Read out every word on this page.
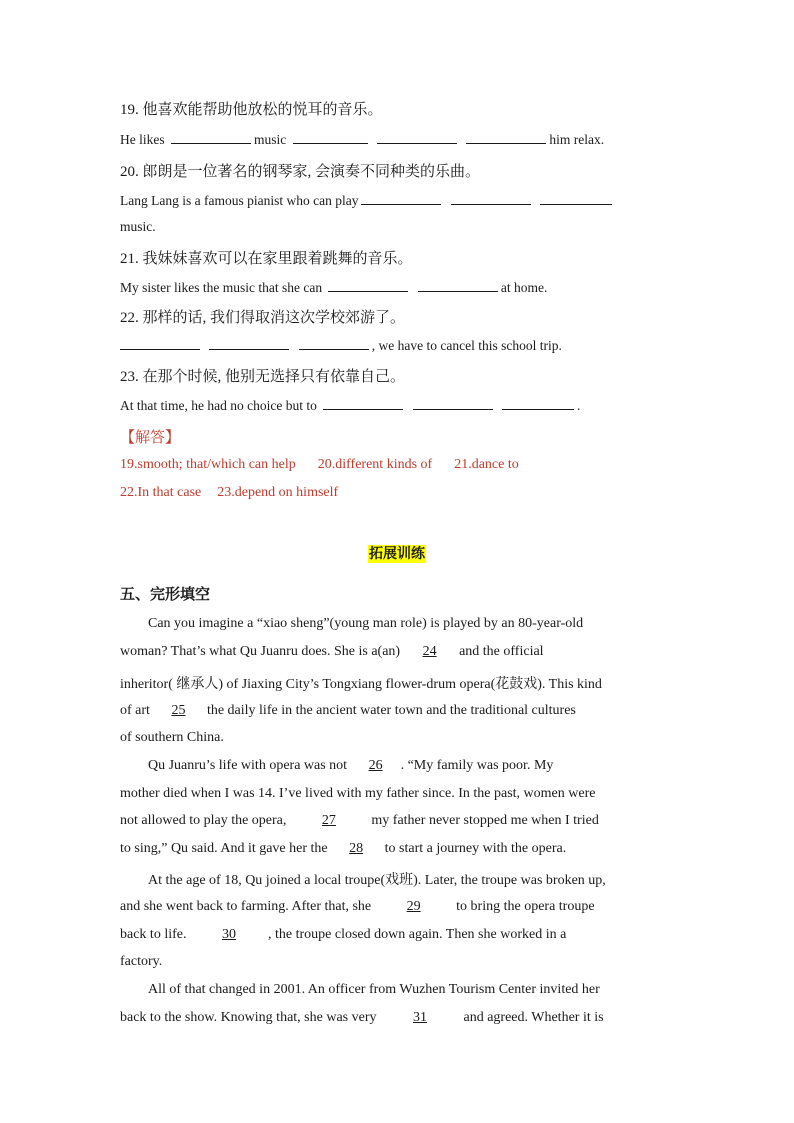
19. 他喜欢能帮助他放松的悦耳的音乐。
He likes	music	him relax.
20. 郎朗是一位著名的钢琴家, 会演奏不同种类的乐曲。
Lang Lang is a famous pianist who can play
music.
21. 我妹妹喜欢可以在家里跟着跳舞的音乐。
My sister likes the music that she can	at home.
22. 那样的话, 我们得取消这次学校郊游了。
, we have to cancel this school trip.
23. 在那个时候, 他别无选择只有依靠自己。
At that time, he had no choice but to	.
【解答】
19.smooth; that/which can help 20.different kinds of 21.dance to
22.In that case 23.depend on himself
拓展训练
五、完形填空
Can you imagine a “xiao sheng”(young man role) is played by an 80-year-old
woman? That’s what Qu Juanru does. She is a(an) 24 and the official
inheritor( 继承人) of Jiaxing City’s Tongxiang flower-drum opera(花鼓戏). This kind
of art 25 the daily life in the ancient water town and the traditional cultures
of southern China.
Qu Juanru’s life with opera was not 26 . “My family was poor. My
mother died when I was 14. I’ve lived with my father since. In the past, women were
not allowed to play the opera,	27	my father never stopped me when I tried
to sing,” Qu said. And it gave her the 28 to start a journey with the opera.
At the age of 18, Qu joined a local troupe(戏班). Later, the troupe was broken up,
and she went back to farming. After that, she	29	to bring the opera troupe
back to life.	30 , the troupe closed down again. Then she worked in a
factory.
All of that changed in 2001. An officer from Wuzhen Tourism Center invited her
back to the show. Knowing that, she was very	31	and agreed. Whether it is
